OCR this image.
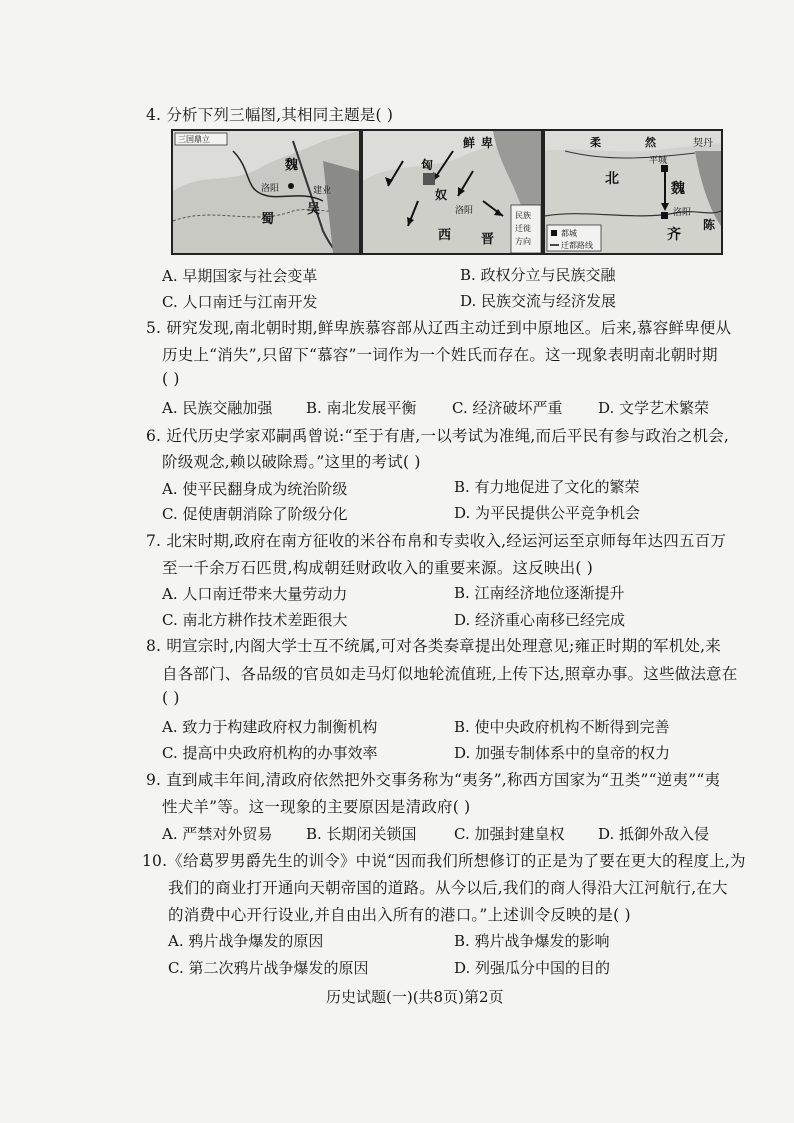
4. 分析下列三幅图,其相同主题是( )
三国鼎立
魏
洛阳
蜀
吴
建业
鲜 卑
匈
奴
西
洛阳
晋
民族
迁徙
方向
柔	然	契丹
北
平城
魏
洛阳
齐
陈
都城
迁都路线
A. 早期国家与社会变革	B. 政权分立与民族交融
C. 人口南迁与江南开发	D. 民族交流与经济发展
5. 研究发现,南北朝时期,鲜卑族慕容部从辽西主动迁到中原地区。后来,慕容鲜卑便从
历史上“消失”,只留下“慕容”一词作为一个姓氏而存在。这一现象表明南北朝时期
( )
A. 民族交融加强 B. 南北发展平衡 C. 经济破坏严重 D. 文学艺术繁荣
6. 近代历史学家邓嗣禹曾说:“至于有唐,一以考试为准绳,而后平民有参与政治之机会,
阶级观念,赖以破除焉。”这里的考试( )
A. 使平民翻身成为统治阶级	B. 有力地促进了文化的繁荣
C. 促使唐朝消除了阶级分化	D. 为平民提供公平竞争机会
7. 北宋时期,政府在南方征收的米谷布帛和专卖收入,经运河运至京师每年达四五百万
至一千余万石匹贯,构成朝廷财政收入的重要来源。这反映出( )
A. 人口南迁带来大量劳动力	B. 江南经济地位逐渐提升
C. 南北方耕作技术差距很大	D. 经济重心南移已经完成
8. 明宣宗时,内阁大学士互不统属,可对各类奏章提出处理意见;雍正时期的军机处,来
自各部门、各品级的官员如走马灯似地轮流值班,上传下达,照章办事。这些做法意在
( )
A. 致力于构建政府权力制衡机构	B. 使中央政府机构不断得到完善
C. 提高中央政府机构的办事效率	D. 加强专制体系中的皇帝的权力
9. 直到咸丰年间,清政府依然把外交事务称为“夷务”,称西方国家为“丑类”“逆夷”“夷
性犬羊”等。这一现象的主要原因是清政府( )
A. 严禁对外贸易 B. 长期闭关锁国 C. 加强封建皇权 D. 抵御外敌入侵
10.《给葛罗男爵先生的训令》中说“因而我们所想修订的正是为了要在更大的程度上,为
我们的商业打开通向天朝帝国的道路。从今以后,我们的商人得沿大江河航行,在大
的消费中心开行设业,并自由出入所有的港口。”上述训令反映的是( )
A. 鸦片战争爆发的原因	B. 鸦片战争爆发的影响
C. 第二次鸦片战争爆发的原因	D. 列强瓜分中国的目的
历史试题(一)(共8页)第2页
